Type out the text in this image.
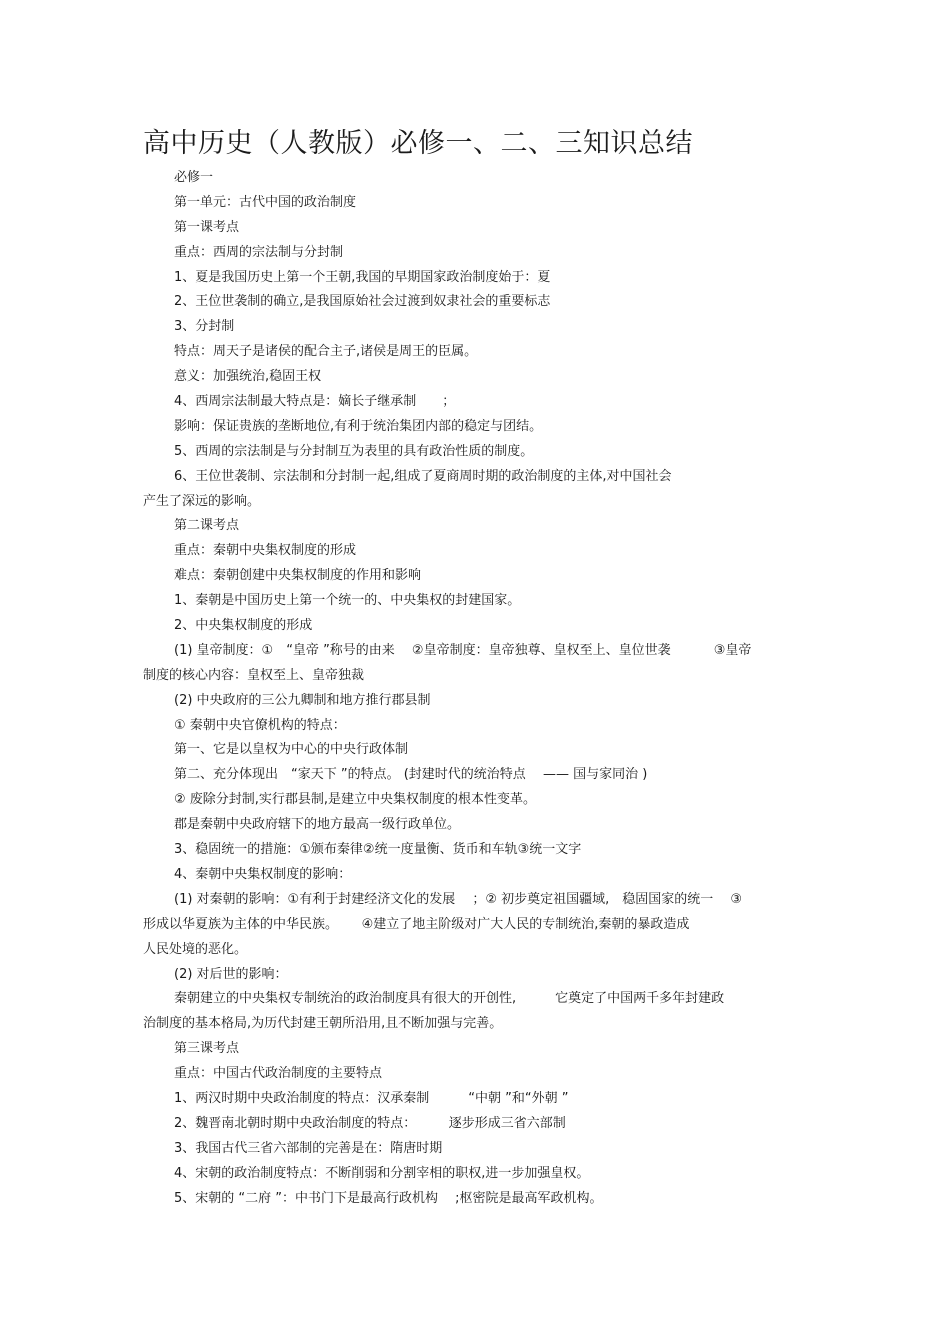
高中历史（人教版）必修一、二、三知识总结

必修一

第一单元：古代中国的政治制度

第一课考点

重点：西周的宗法制与分封制

1、夏是我国历史上第一个王朝,我国的早期国家政治制度始于：夏

2、王位世袭制的确立,是我国原始社会过渡到奴隶社会的重要标志

3、分封制

特点：周天子是诸侯的配合主子,诸侯是周王的臣属。

意义：加强统治,稳固王权

4、西周宗法制最大特点是：嫡长子继承制　　；

影响：保证贵族的垄断地位,有利于统治集团内部的稳定与团结。

5、西周的宗法制是与分封制互为表里的具有政治性质的制度。

6、王位世袭制、宗法制和分封制一起,组成了夏商周时期的政治制度的主体,对中国社会

产生了深远的影响。

第二课考点

重点：秦朝中央集权制度的形成

难点：秦朝创建中央集权制度的作用和影响

1、秦朝是中国历史上第一个统一的、中央集权的封建国家。

2、中央集权制度的形成

(1) 皇帝制度：①　“皇帝 ”称号的由来　 ②皇帝制度：皇帝独尊、皇权至上、皇位世袭　　　 ③皇帝

制度的核心内容：皇权至上、皇帝独裁

(2) 中央政府的三公九卿制和地方推行郡县制

① 秦朝中央官僚机构的特点：

第一、它是以皇权为中心的中央行政体制

第二、充分体现出　“家天下 ”的特点。 (封建时代的统治特点　 —— 国与家同治 )

② 废除分封制,实行郡县制,是建立中央集权制度的根本性变革。

郡是秦朝中央政府辖下的地方最高一级行政单位。

3、稳固统一的措施：①颁布秦律②统一度量衡、货币和车轨③统一文字

4、秦朝中央集权制度的影响：

(1) 对秦朝的影响：①有利于封建经济文化的发展　 ；② 初步奠定祖国疆域,　稳固国家的统一　 ③

形成以华夏族为主体的中华民族。　　 ④建立了地主阶级对广大人民的专制统治,秦朝的暴政造成

人民处境的恶化。

(2) 对后世的影响：

秦朝建立的中央集权专制统治的政治制度具有很大的开创性,　　　它奠定了中国两千多年封建政

治制度的基本格局,为历代封建王朝所沿用,且不断加强与完善。

第三课考点

重点：中国古代政治制度的主要特点

1、两汉时期中央政治制度的特点：汉承秦制　　　“中朝 ”和“外朝 ”

2、魏晋南北朝时期中央政治制度的特点：　　　逐步形成三省六部制

3、我国古代三省六部制的完善是在：隋唐时期

4、宋朝的政治制度特点：不断削弱和分割宰相的职权,进一步加强皇权。

5、宋朝的 “二府 ”：中书门下是最高行政机构　 ;枢密院是最高军政机构。
